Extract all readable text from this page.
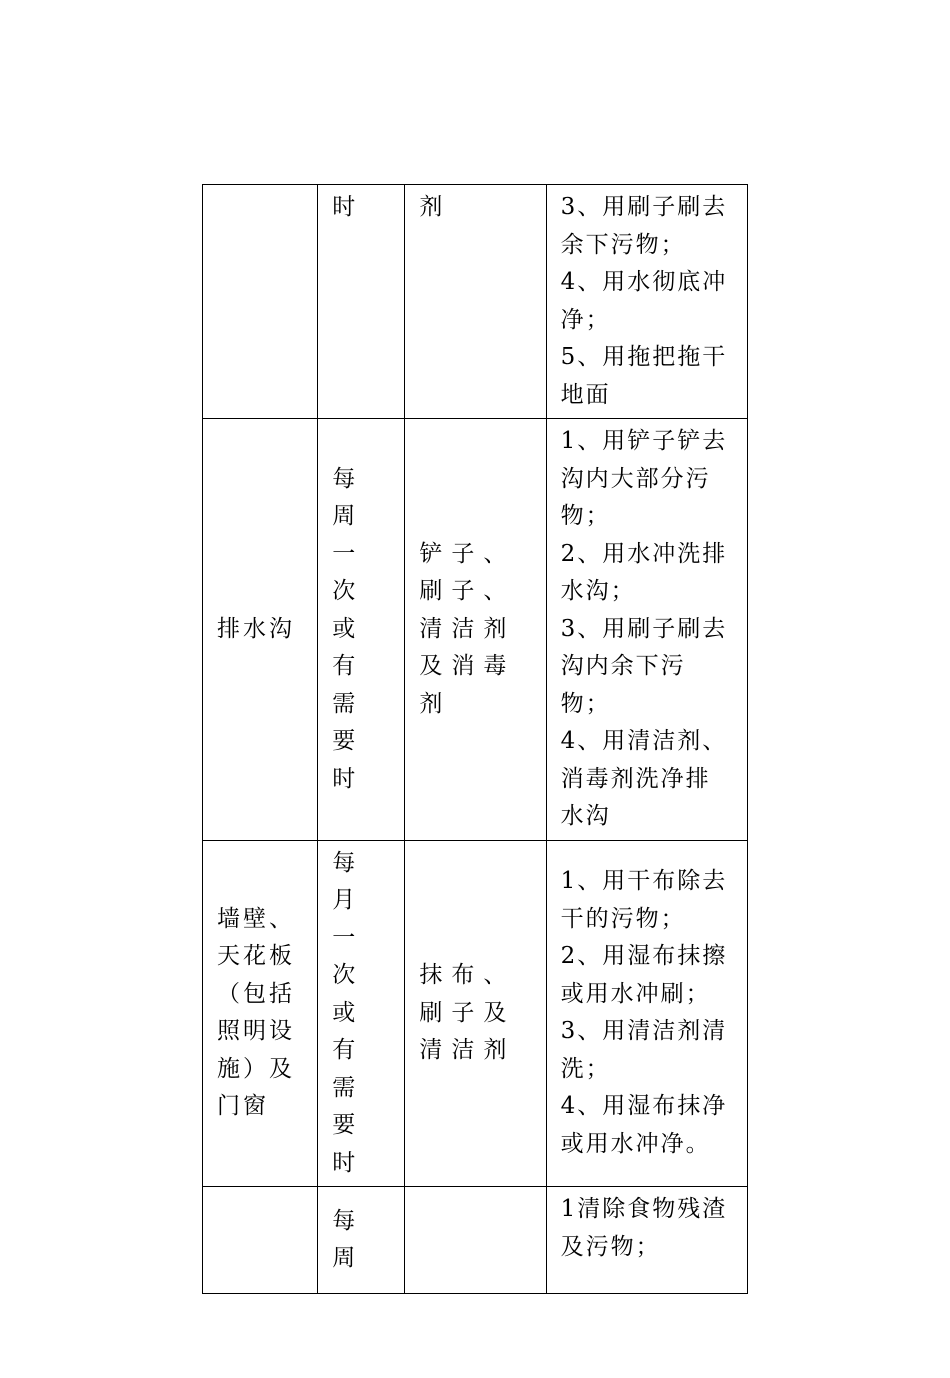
	时	剂	3、用刷子刷去余下污物；
4、用水彻底冲净；
5、用拖把拖干地面

排水沟	每周一次或有需要时	铲子、刷子、清洁剂及消毒剂	1、用铲子铲去沟内大部分污物；
2、用水冲洗排水沟；
3、用刷子刷去沟内余下污物；
4、用清洁剂、消毒剂洗净排水沟

墙壁、天花板（包括照明设施）及门窗	每月一次或有需要时	抹布、刷子及清洁剂	1、用干布除去干的污物；
2、用湿布抹擦或用水冲刷；
3、用清洁剂清洗；
4、用湿布抹净或用水冲净。

	每周		1清除食物残渣及污物；
